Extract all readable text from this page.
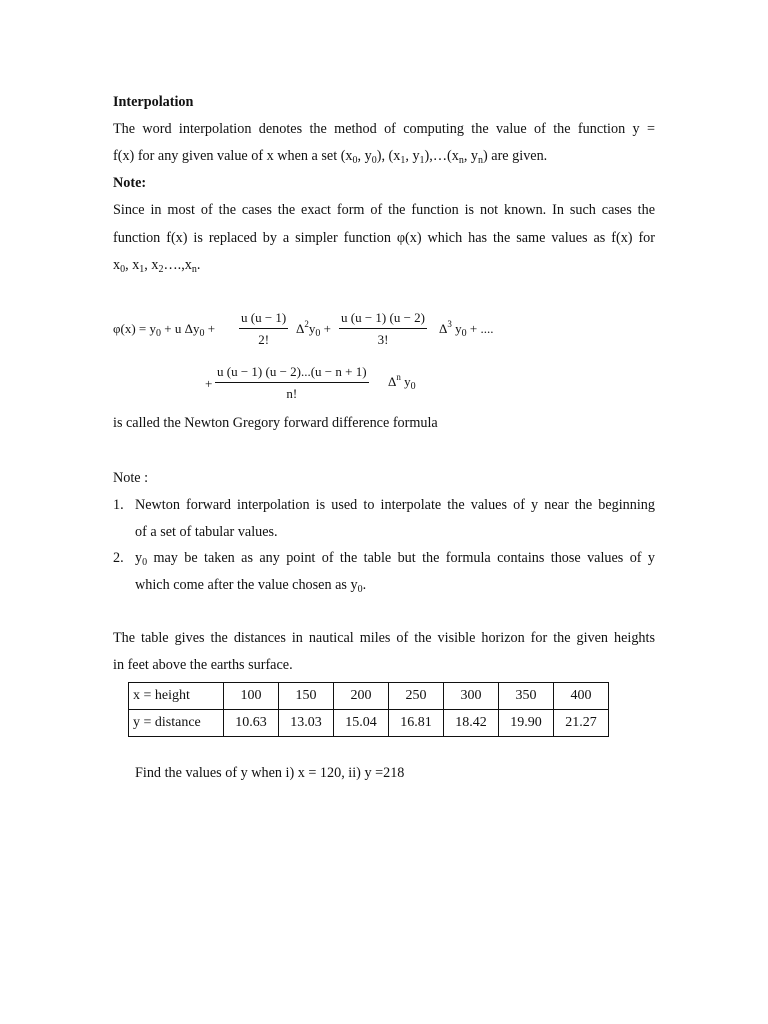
Interpolation
The word interpolation denotes the method of computing the value of the function y =
f(x) for any given value of x when a set ($x_0$, $y_0$), ($x_1$, $y_1),\dots(x_n$, $y_n$) are given.
Note:
Since in most of the cases the exact form of the function is not known. In such cases the
function f(x) is replaced by a simpler function φ(x) which has the same values as f(x) for
$x_0$, $x_1$, $x_2\dots.,x_n$.
$\varphi(x) = y_0 + u$ $\Delta y_0 + \frac{u (u - 1)}{2!} \Delta^2y_0 + \frac{u (u - 1) (u - 2)}{3!} \Delta^3$ $y_0$ + ....
+ $\frac{u (u - 1) (u - 2)...(u - n + 1)}{n!} \Delta^n$ $y_0$
is called the Newton Gregory forward difference formula
Note :
1. Newton forward interpolation is used to interpolate the values of y near the beginning
of a set of tabular values.
2. $y_0$ may be taken as any point of the table but the formula contains those values of y
which come after the value chosen as $y_0$.
The table gives the distances in nautical miles of the visible horizon for the given heights
in feet above the earths surface.
x = height	100	150	200	250	300	350	400
y = distance	10.63	13.03	15.04	16.81	18.42	19.90	21.27
Find the values of y when i) x = 120, ii) y =218
